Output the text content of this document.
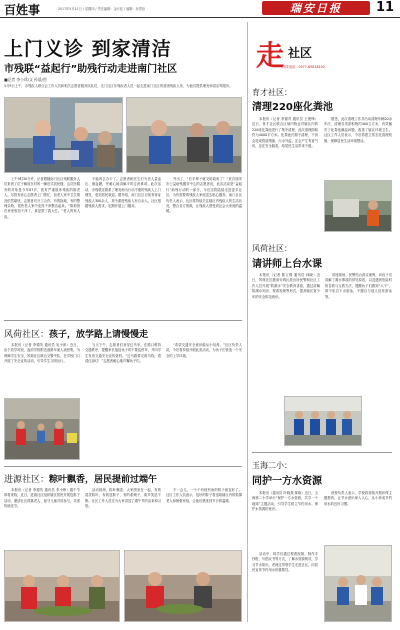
百姓事	2017年5月11日 / 星期四 / 责任编辑：金行虹 / 编辑：孙思怡	瑞安日报	11
上门义诊 到家清洁
市残联“益起行”助残行动走进南门社区
■记者 李小珍/文 孙晨/图
5月9日上午，市残疾人联合会工作人员和相关志愿者服务队队员，走门社区东残疾者人员一起走进南门社区的爱困残疾人家，为他们提供理发和清洁等服务。
上午9时30分许，记者跟随南门社区残联服务人员来到了位于解放东村的一幢旧式居民楼，这次所服务的对象是今年87岁，患有严重肢体残疾的陈老人。尽管有爱心志愿者上门帮忙，但老人家中卫生情况依然堪忧，志愿者们分工合作，有的拖地，有的整理杂物，很快老人家中变得干净整洁起来。“陈菊萱在家里收拾干净了，真是帮了我大忙。”老人的家人说。
不能再去办卡了。志愿者和医生们为老人量血压、测血糖，并耐心地讲解平时注意事项。此次活动，市残联还联系了理发师为行动不便的残疾人上门理发，受到居民欢迎。据介绍，南门社区目前有持证残疾人300余人，其中重度残疾人有百余人。社区根据残疾人需求，定期开展上门服务。
外出了，“后半辈子就交给政府了！”来自瑞安市公益助残服务中心的志愿者说，此次活动是“益起行”助残行动的一部分，今后还将陆续走进更多社区，为有需要的残疾人家庭送去贴心服务。南门社区负责人表示，社区将持续关注辖区内残疾人的生活状况，整合各方资源，让残疾人感受到社会大家庭的温暖。
走 社区
热线电话：0577-65818192
育才社区：
清理220座化粪池
本报讯（记者 李德茂 通讯员 王俊锋）近日，育才社区联合区域内物业对辖区内的220座化粪池进行了集中清理，此次清理面积约为4000平方米。化粪池长期不清理，不但会造成管道堵塞、污水外溢，还会产生有害气体，存在安全隐患，给居民生活带来不便。
据悉，此次清理工作共出动清理车辆20余车次，清理各类淤积物约400立方米，有效解决了化粪池满溢问题，改善了辖区环境卫生。社区工作人员表示，今后将建立常态化清理机制，保障居民生活环境整洁。
风荷社区：
请讲师上台水课
本报讯（记者 陈立锦 通讯员 林晓）近日，风荷社区邀请安城区派出所民警和社区工作人员开展“防溺水”安全教育讲座，通过讲解防溺水知识、观看视频等形式，提高辖区青少年的安全防范意识。
讲座现场，民警结合真实案例，向孩子们讲解了溺水事故的常见原因，以及遇到危险时的自救与互救方法，提醒孩子们做到“六不”，即不私自下水游泳，不擅自与他人结伴游泳等。
风荷社区：孩子，放学路上请慢慢走
本报讯（记者 李德茂 通讯员 吴小萍）近日，由于放学时段，盘前学校附近道路车流人流密集，为保障学生安全，风荷社区联合交警中队，在学校门口开展了安全宣传活动，引导学生文明出行。
当天下午，志愿者们身穿红马甲，在路口维持交通秩序，提醒家长接送孩子时不要乱停车，并向学生发放交通安全宣传资料。“过马路要走斑马线，看清红绿灯！”志愿者耐心地叮嘱孩子们。
“希望交通安全意识能从小培养。”社区负责人说，今后将持续开展此类活动，为孩子们营造一个安全的上学环境。
进源社区：粽叶飘香，居民提前过端午
本报讯（记者 李德茂 通讯员 李小珍）端午节即将来临，近日，进源社区组织辖区居民开展包粽子活动，邀请社区孤寡老人、留守儿童共同参与，共度传统佳节。
活动现场，粽叶飘香，大家围坐在一起，有的清洗粽叶，有的包粽子，有的系绳子，欢声笑语不断。社区工作人员还为大家讲述了端午节的由来和习俗。
不一会儿，一个个有棱有角的粽子就包好了。社区工作人员表示，包好的粽子将送给辖区内的孤寡老人和困难家庭，让他们感受到节日的温暖。
玉海二小：
同护一方水资源
本报讯（通讯员 叶晓燕 陈晓）近日，玉海第二小学举行“保护一方水资源，共享一个地球”主题活动，引导学生树立节约用水、保护水资源的意识。
活动中，同学们通过观看视频、制作手抄报、写倡议书等方式，了解水资源现状，学习节水知识。老师还带领学生走进社区，向居民宣传节约用水的重要性。
该校负责人表示，学校将持续开展环保主题教育，让节水意识深入人心，从小养成节约用水的良好习惯。
